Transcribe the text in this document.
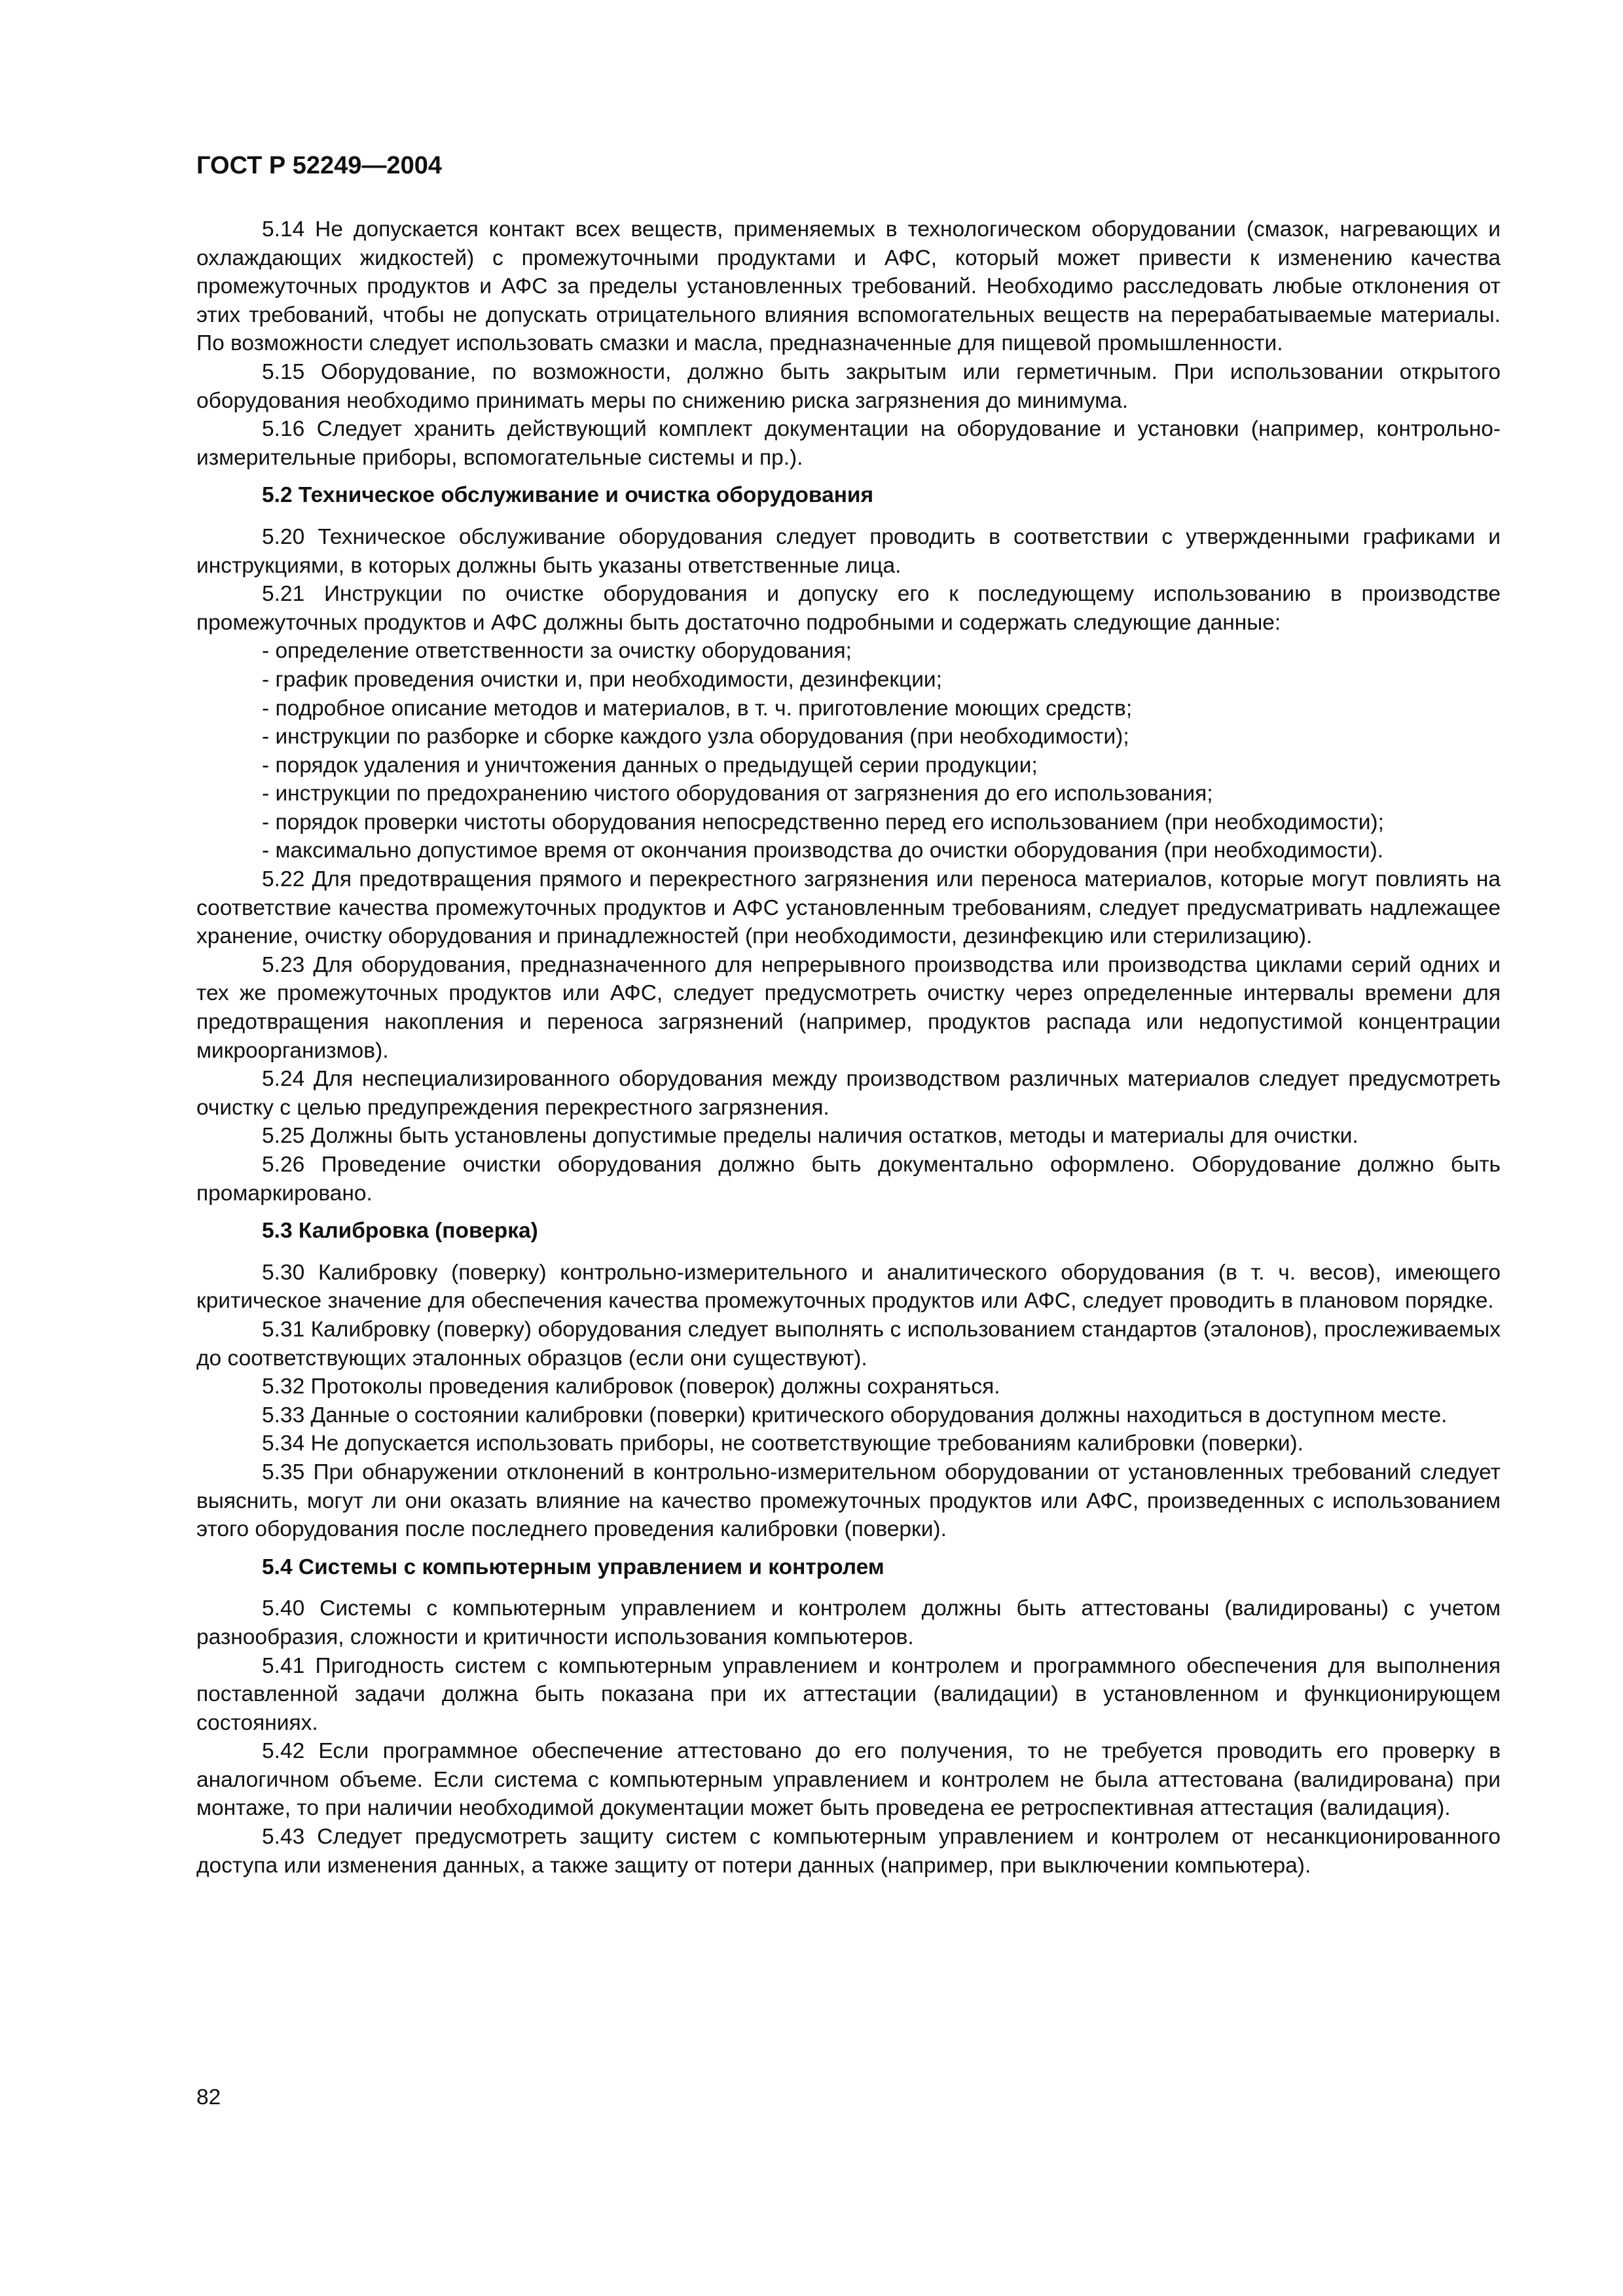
ГОСТ Р 52249—2004
5.14 Не допускается контакт всех веществ, применяемых в технологическом оборудовании (смазок, нагревающих и охлаждающих жидкостей) с промежуточными продуктами и АФС, который может привести к изменению качества промежуточных продуктов и АФС за пределы установленных требований. Необходимо расследовать любые отклонения от этих требований, чтобы не допускать отрицательного влияния вспомогательных веществ на перерабатываемые материалы. По возможности следует использовать смазки и масла, предназначенные для пищевой промышленности.
5.15 Оборудование, по возможности, должно быть закрытым или герметичным. При использовании открытого оборудования необходимо принимать меры по снижению риска загрязнения до минимума.
5.16 Следует хранить действующий комплект документации на оборудование и установки (например, контрольно-измерительные приборы, вспомогательные системы и пр.).
5.2 Техническое обслуживание и очистка оборудования
5.20 Техническое обслуживание оборудования следует проводить в соответствии с утвержденными графиками и инструкциями, в которых должны быть указаны ответственные лица.
5.21 Инструкции по очистке оборудования и допуску его к последующему использованию в производстве промежуточных продуктов и АФС должны быть достаточно подробными и содержать следующие данные:
- определение ответственности за очистку оборудования;
- график проведения очистки и, при необходимости, дезинфекции;
- подробное описание методов и материалов, в т. ч. приготовление моющих средств;
- инструкции по разборке и сборке каждого узла оборудования (при необходимости);
- порядок удаления и уничтожения данных о предыдущей серии продукции;
- инструкции по предохранению чистого оборудования от загрязнения до его использования;
- порядок проверки чистоты оборудования непосредственно перед его использованием (при необходимости);
- максимально допустимое время от окончания производства до очистки оборудования (при необходимости).
5.22 Для предотвращения прямого и перекрестного загрязнения или переноса материалов, которые могут повлиять на соответствие качества промежуточных продуктов и АФС установленным требованиям, следует предусматривать надлежащее хранение, очистку оборудования и принадлежностей (при необходимости, дезинфекцию или стерилизацию).
5.23 Для оборудования, предназначенного для непрерывного производства или производства циклами серий одних и тех же промежуточных продуктов или АФС, следует предусмотреть очистку через определенные интервалы времени для предотвращения накопления и переноса загрязнений (например, продуктов распада или недопустимой концентрации микроорганизмов).
5.24 Для неспециализированного оборудования между производством различных материалов следует предусмотреть очистку с целью предупреждения перекрестного загрязнения.
5.25 Должны быть установлены допустимые пределы наличия остатков, методы и материалы для очистки.
5.26 Проведение очистки оборудования должно быть документально оформлено. Оборудование должно быть промаркировано.
5.3 Калибровка (поверка)
5.30 Калибровку (поверку) контрольно-измерительного и аналитического оборудования (в т. ч. весов), имеющего критическое значение для обеспечения качества промежуточных продуктов или АФС, следует проводить в плановом порядке.
5.31 Калибровку (поверку) оборудования следует выполнять с использованием стандартов (эталонов), прослеживаемых до соответствующих эталонных образцов (если они существуют).
5.32 Протоколы проведения калибровок (поверок) должны сохраняться.
5.33 Данные о состоянии калибровки (поверки) критического оборудования должны находиться в доступном месте.
5.34 Не допускается использовать приборы, не соответствующие требованиям калибровки (поверки).
5.35 При обнаружении отклонений в контрольно-измерительном оборудовании от установленных требований следует выяснить, могут ли они оказать влияние на качество промежуточных продуктов или АФС, произведенных с использованием этого оборудования после последнего проведения калибровки (поверки).
5.4 Системы с компьютерным управлением и контролем
5.40 Системы с компьютерным управлением и контролем должны быть аттестованы (валидированы) с учетом разнообразия, сложности и критичности использования компьютеров.
5.41 Пригодность систем с компьютерным управлением и контролем и программного обеспечения для выполнения поставленной задачи должна быть показана при их аттестации (валидации) в установленном и функционирующем состояниях.
5.42 Если программное обеспечение аттестовано до его получения, то не требуется проводить его проверку в аналогичном объеме. Если система с компьютерным управлением и контролем не была аттестована (валидирована) при монтаже, то при наличии необходимой документации может быть проведена ее ретроспективная аттестация (валидация).
5.43 Следует предусмотреть защиту систем с компьютерным управлением и контролем от несанкционированного доступа или изменения данных, а также защиту от потери данных (например, при выключении компьютера).
82
